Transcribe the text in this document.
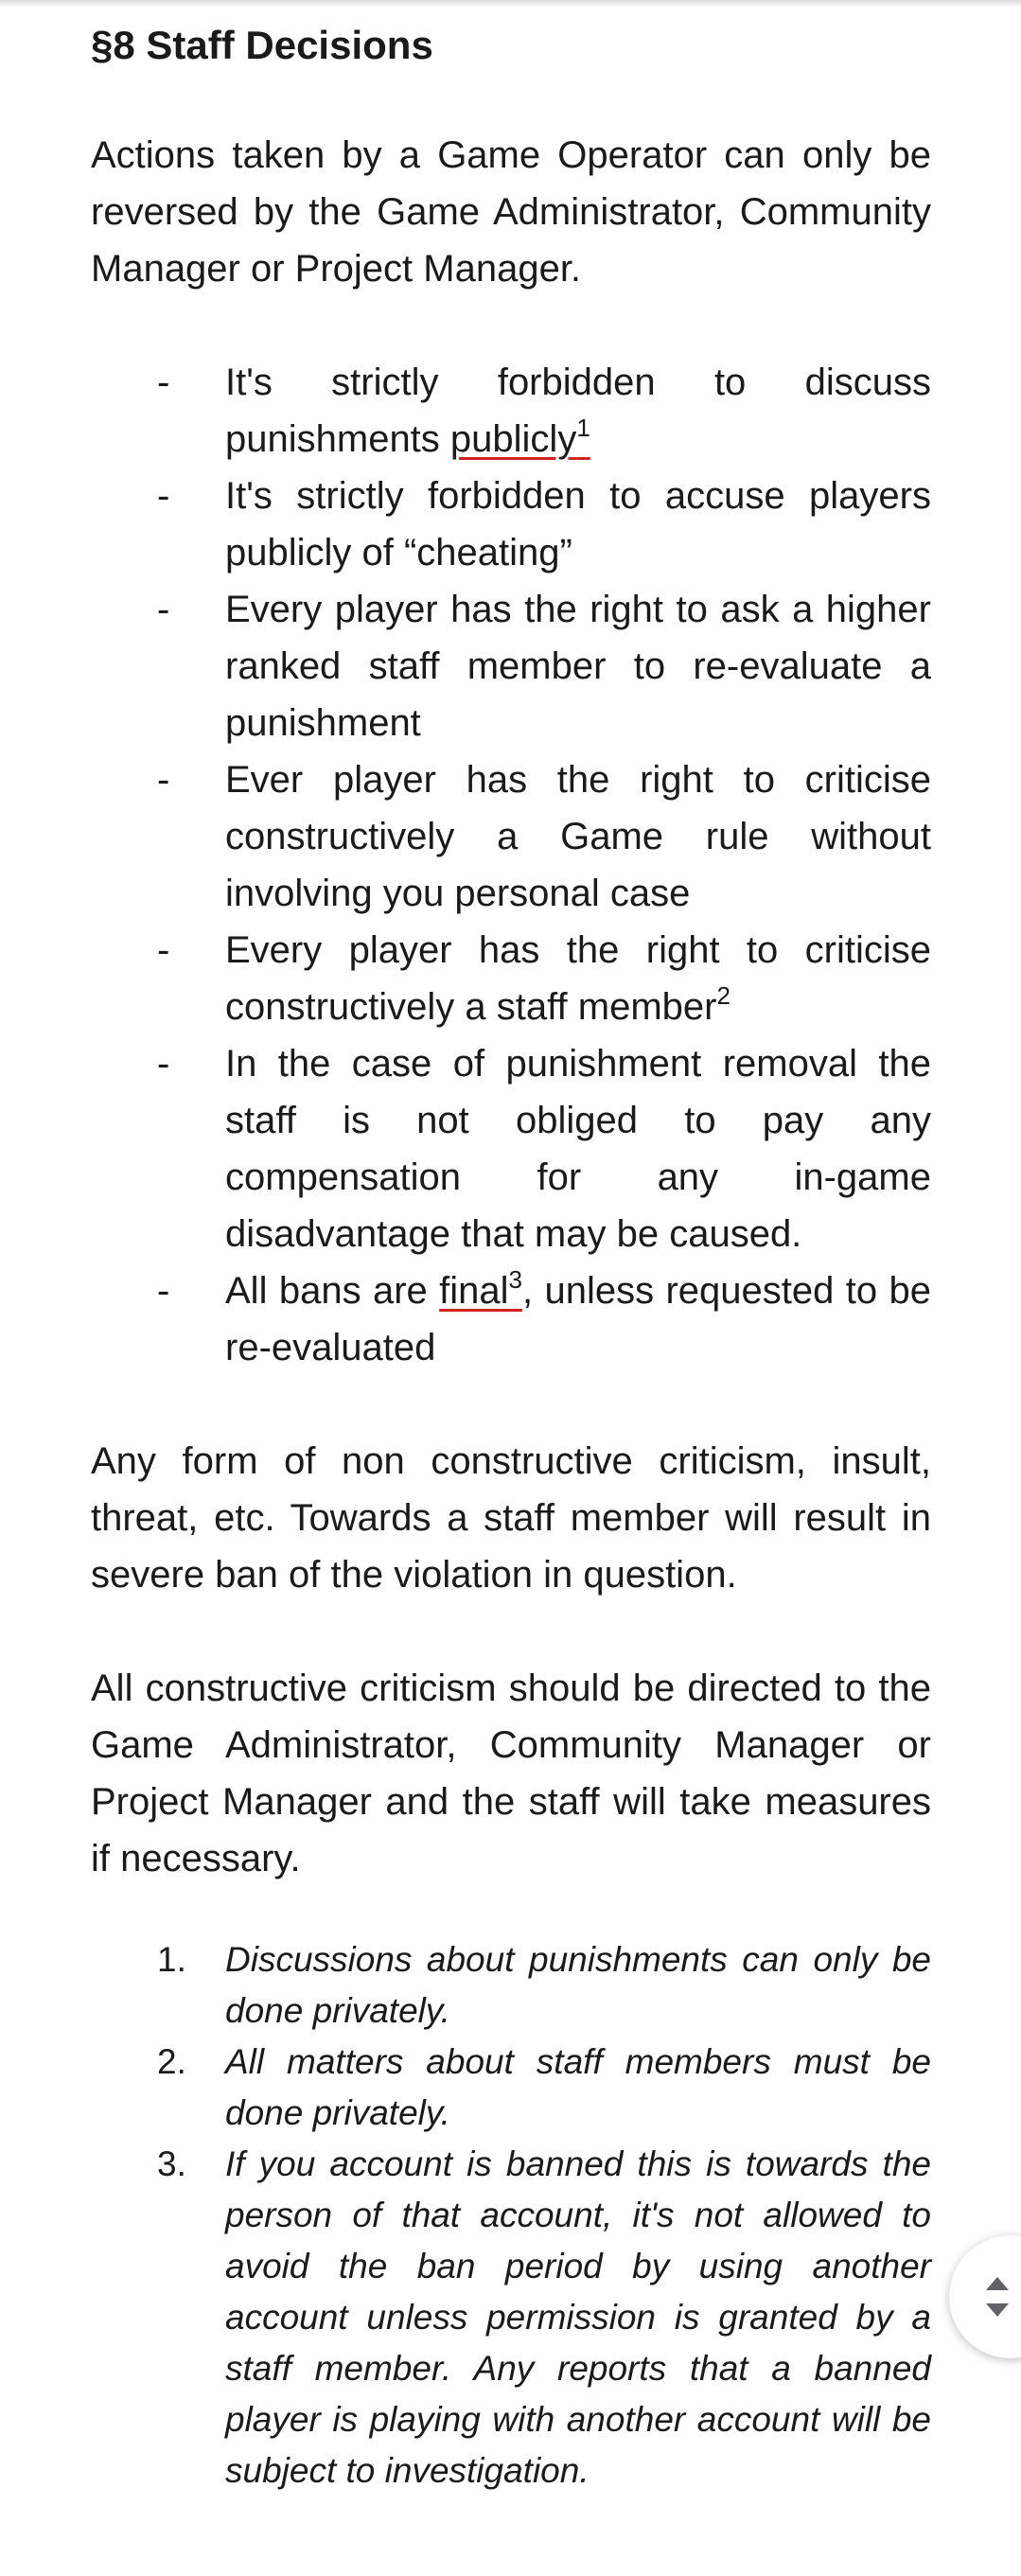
§8 Staff Decisions

Actions taken by a Game Operator can only be reversed by the Game Administrator, Community Manager or Project Manager.

- It's strictly forbidden to discuss punishments publicly$^1$
- It's strictly forbidden to accuse players publicly of “cheating”
- Every player has the right to ask a higher ranked staff member to re-evaluate a punishment
- Ever player has the right to criticise constructively a Game rule without involving you personal case
- Every player has the right to criticise constructively a staff member$^2$
- In the case of punishment removal the staff is not obliged to pay any compensation for any in-game disadvantage that may be caused.
- All bans are final$^3$, unless requested to be re-evaluated

Any form of non constructive criticism, insult, threat, etc. Towards a staff member will result in severe ban of the violation in question.

All constructive criticism should be directed to the Game Administrator, Community Manager or Project Manager and the staff will take measures if necessary.

1. Discussions about punishments can only be done privately.
2. All matters about staff members must be done privately.
3. If you account is banned this is towards the person of that account, it's not allowed to avoid the ban period by using another account unless permission is granted by a staff member. Any reports that a banned player is playing with another account will be subject to investigation.
